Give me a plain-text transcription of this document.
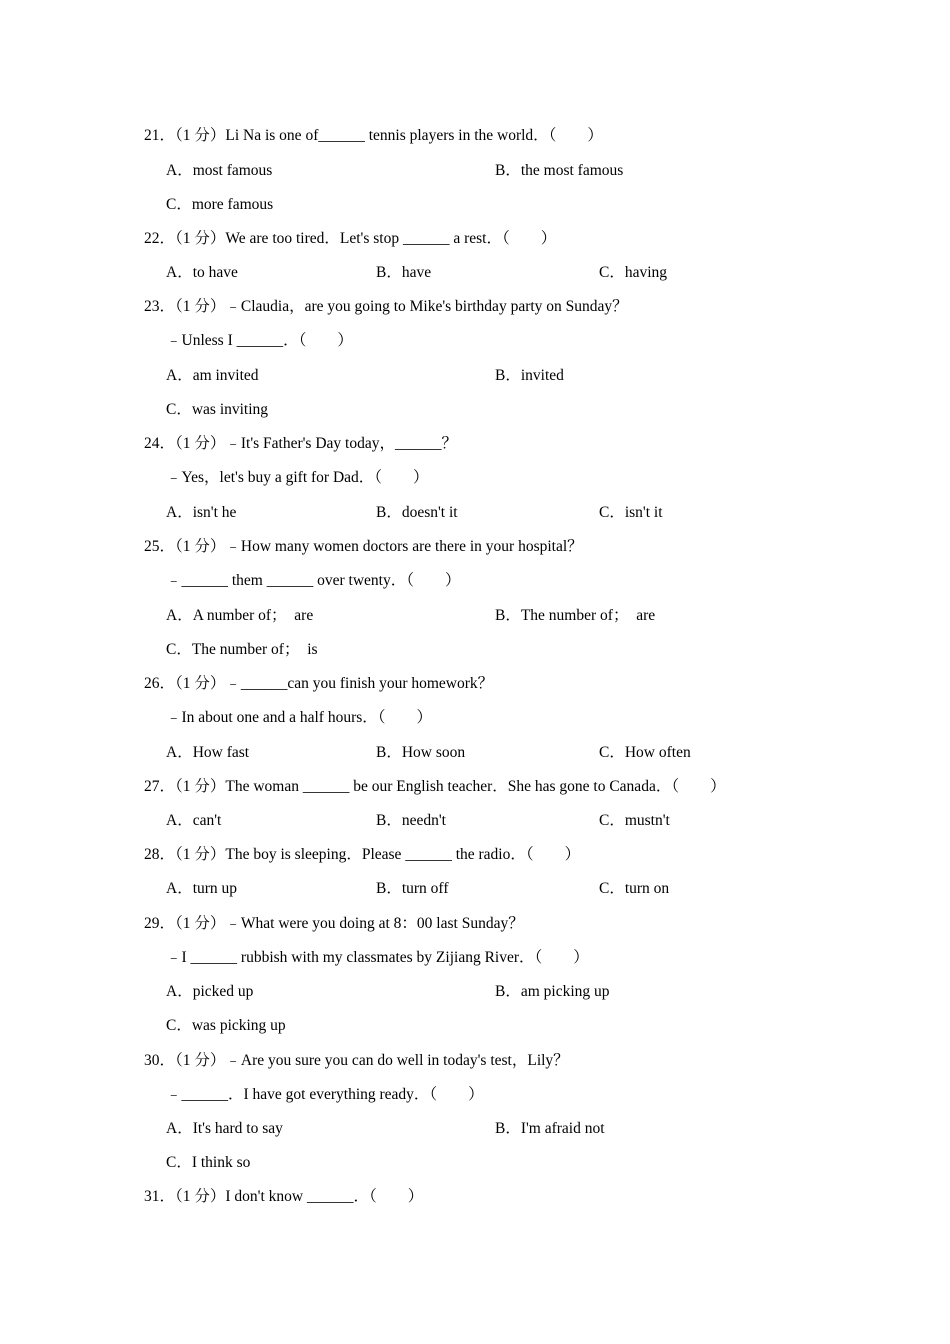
21．（1 分）Li Na is one of______ tennis players in the world．（　　）
A．most famous	B．the most famous
C．more famous
22．（1 分）We are too tired．Let's stop ______ a rest．（　　）
A．to have	B．have	C．having
23．（1 分）﹣Claudia，are you going to Mike's birthday party on Sunday？
﹣Unless I ______．（　　）
A．am invited	B．invited
C．was inviting
24．（1 分）﹣It's Father's Day today，______？
﹣Yes，let's buy a gift for Dad．（　　）
A．isn't he	B．doesn't it	C．isn't it
25．（1 分）﹣How many women doctors are there in your hospital？
﹣______ them ______ over twenty．（　　）
A．A number of；  are	B．The number of；  are
C．The number of；  is
26．（1 分）﹣______can you finish your homework？
﹣In about one and a half hours．（　　）
A．How fast	B．How soon	C．How often
27．（1 分）The woman ______ be our English teacher．She has gone to Canada．（　　）
A．can't	B．needn't	C．mustn't
28．（1 分）The boy is sleeping．Please ______ the radio．（　　）
A．turn up	B．turn off	C．turn on
29．（1 分）﹣What were you doing at 8：00 last Sunday？
﹣I ______ rubbish with my classmates by Zijiang River．（　　）
A．picked up	B．am picking up
C．was picking up
30．（1 分）﹣Are you sure you can do well in today's test，Lily？
﹣______．I have got everything ready．（　　）
A．It's hard to say	B．I'm afraid not
C．I think so
31．（1 分）I don't know ______．（　　）
